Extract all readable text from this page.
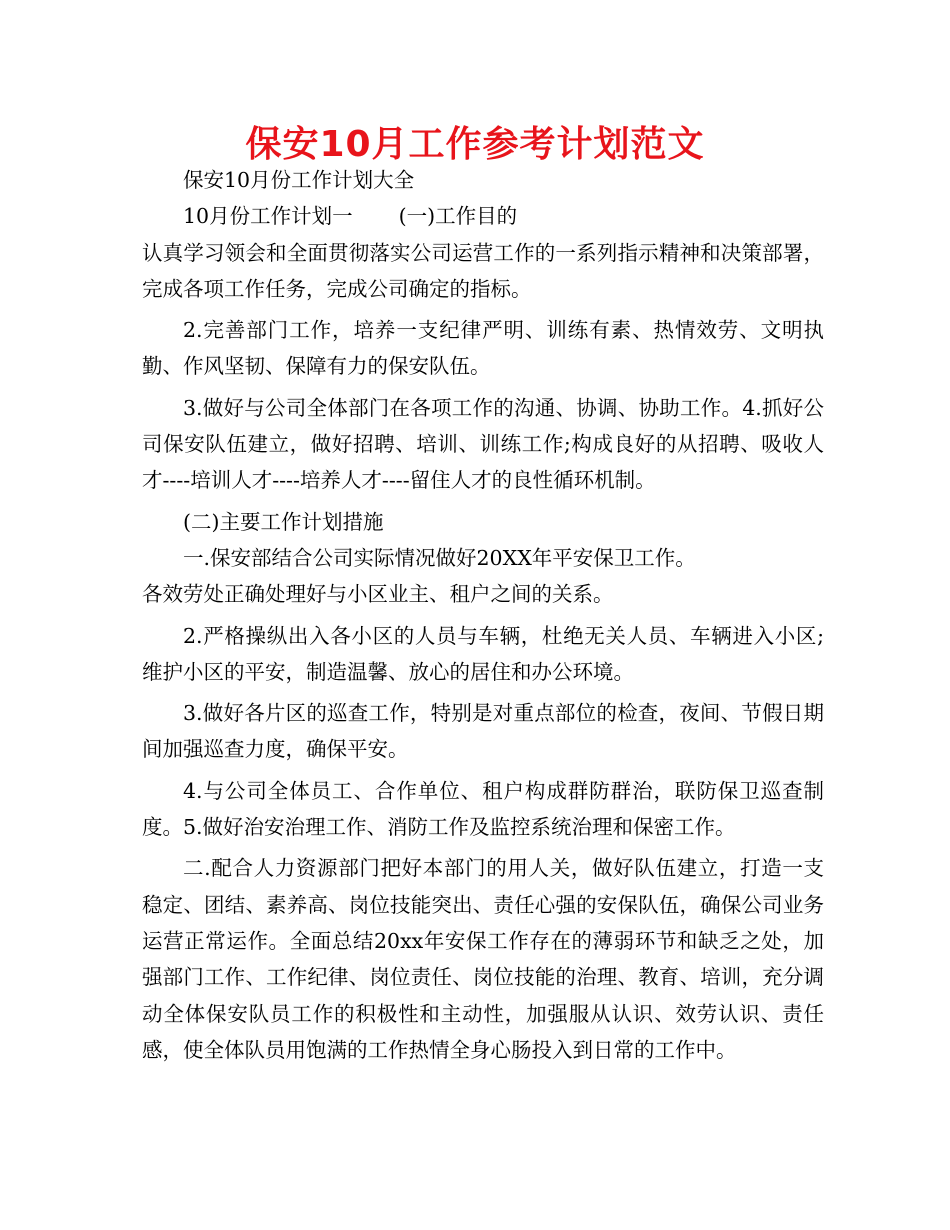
保安10月工作参考计划范文

保安10月份工作计划大全

10月份工作计划一 (一)工作目的

认真学习领会和全面贯彻落实公司运营工作的一系列指示精神和决策部署，完成各项工作任务，完成公司确定的指标。

2.完善部门工作，培养一支纪律严明、训练有素、热情效劳、文明执勤、作风坚韧、保障有力的保安队伍。

3.做好与公司全体部门在各项工作的沟通、协调、协助工作。4.抓好公司保安队伍建立，做好招聘、培训、训练工作;构成良好的从招聘、吸收人才----培训人才----培养人才----留住人才的良性循环机制。

(二)主要工作计划措施

一.保安部结合公司实际情况做好20XX年平安保卫工作。

各效劳处正确处理好与小区业主、租户之间的关系。

2.严格操纵出入各小区的人员与车辆，杜绝无关人员、车辆进入小区;维护小区的平安，制造温馨、放心的居住和办公环境。

3.做好各片区的巡查工作，特别是对重点部位的检查，夜间、节假日期间加强巡查力度，确保平安。

4.与公司全体员工、合作单位、租户构成群防群治，联防保卫巡查制度。5.做好治安治理工作、消防工作及监控系统治理和保密工作。

二.配合人力资源部门把好本部门的用人关，做好队伍建立，打造一支稳定、团结、素养高、岗位技能突出、责任心强的安保队伍，确保公司业务运营正常运作。全面总结20xx年安保工作存在的薄弱环节和缺乏之处，加强部门工作、工作纪律、岗位责任、岗位技能的治理、教育、培训，充分调动全体保安队员工作的积极性和主动性，加强服从认识、效劳认识、责任感，使全体队员用饱满的工作热情全身心肠投入到日常的工作中。
